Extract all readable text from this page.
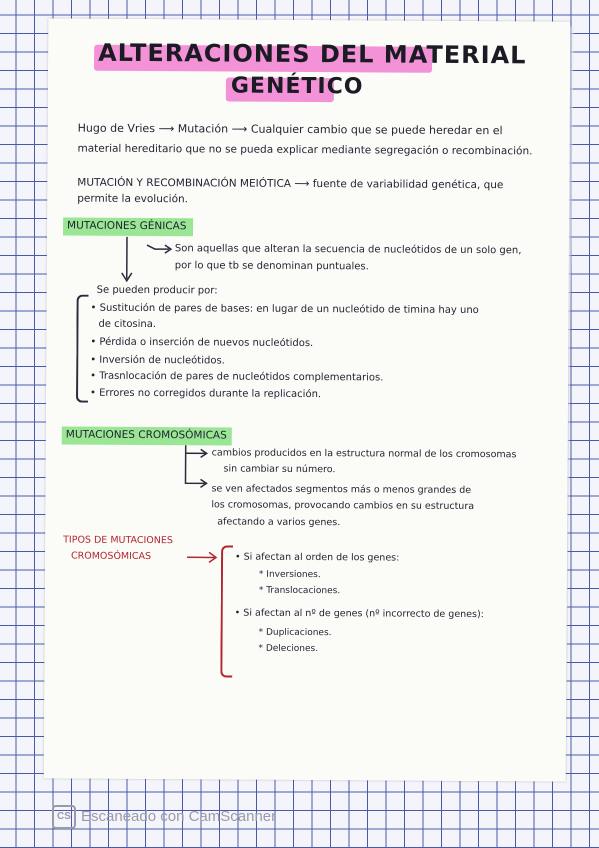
ALTERACIONES DEL MATERIAL
GENÉTICO
Hugo de Vries ⟶ Mutación ⟶ Cualquier cambio que se puede heredar en el
material hereditario que no se pueda explicar mediante segregación o recombinación.
MUTACIÓN Y RECOMBINACIÓN MEIÓTICA ⟶ fuente de variabilidad genética, que
permite la evolución.
MUTACIONES GÉNICAS
Son aquellas que alteran la secuencia de nucleótidos de un solo gen,
por lo que tb se denominan puntuales.
Se pueden producir por:
• Sustitución de pares de bases: en lugar de un nucleótido de timina hay uno
de citosina.
• Pérdida o inserción de nuevos nucleótidos.
• Inversión de nucleótidos.
• Trasnlocación de pares de nucleótidos complementarios.
• Errores no corregidos durante la replicación.
MUTACIONES CROMOSÓMICAS
cambios producidos en la estructura normal de los cromosomas
sin cambiar su número.
se ven afectados segmentos más o menos grandes de
los cromosomas, provocando cambios en su estructura
afectando a varios genes.
TIPOS DE MUTACIONES
CROMOSÓMICAS	• Si afectan al orden de los genes:
* Inversiones.
* Translocaciones.
• Si afectan al nº de genes (nº incorrecto de genes):
* Duplicaciones.
* Deleciones.
CS Escaneado con CamScanner
